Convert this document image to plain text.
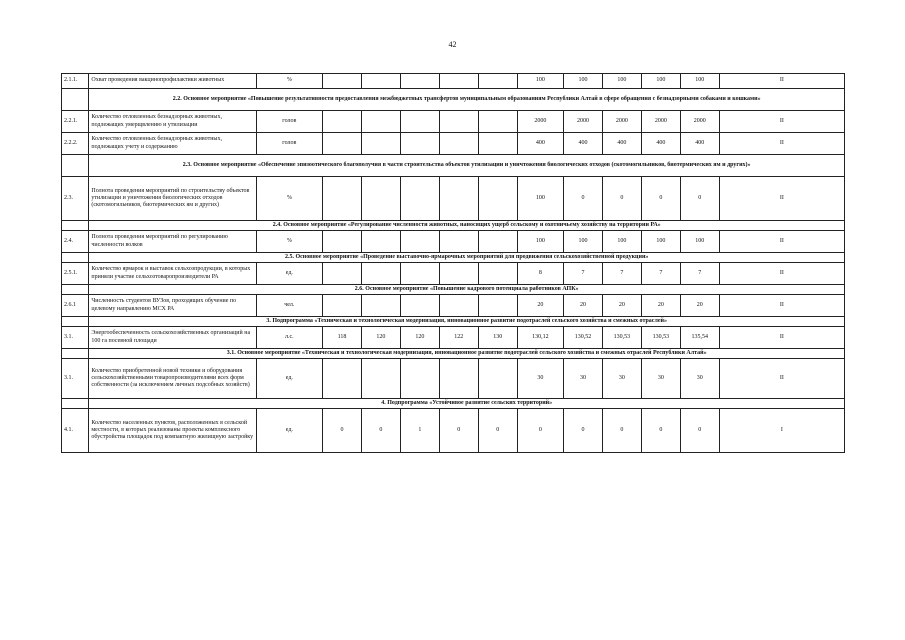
42
2.1.1.	Охват проведения вакцинопрофилактики животных	%						100	100	100	100	100	II
	2.2. Основное мероприятие «Повышение результативности предоставления межбюджетных трансфертов муниципальным образованиям Республики Алтай в сфере обращения с безнадзорными собаками и кошками»												
2.2.1.	Количество отловленных безнадзорных животных, подлежащих умерщвлению и утилизации	голов						2000	2000	2000	2000	2000	II
2.2.2.	Количество отловленных безнадзорных животных, подлежащих учету и содержанию	голов						400	400	400	400	400	II
	2.3. Основное мероприятие «Обеспечение эпизоотического благополучия в части строительства объектов утилизации и уничтожения биологических отходов (скотомогильников, биотермических ям и других)»												
2.3.	Полнота проведения мероприятий по строительству объектов утилизации и уничтожения биологических отходов (скотомогильников, биотермических ям и других)	%						100	0	0	0	0	II
	2.4. Основное мероприятие «Регулирование численности животных, наносящих ущерб сельскому и охотничьему хозяйству на территории РА»												
2.4.	Полнота проведения мероприятий по регулированию численности волков	%						100	100	100	100	100	II
	2.5. Основное мероприятие «Проведение выставочно-ярмарочных мероприятий для продвижения сельскохозяйственной продукции»												
2.5.1.	Количество ярмарок и выставок сельхозпродукции, в которых приняли участие сельхозтоваропроизводители РА	ед.						8	7	7	7	7	II
	2.6. Основное мероприятие «Повышение кадрового потенциала работников АПК»												
2.6.1	Численность студентов ВУЗов, проходящих обучение по целевому направлению МСХ РА	чел.						20	20	20	20	20	II
	3. Подпрограмма «Техническая и технологическая модернизация, инновационное развитие подотраслей сельского хозяйства и смежных отраслей»												
3.1.	Энергообеспеченность сельскохозяйственных организаций на 100 га посевной площади	л.с.	118	120	120	122	130	130,12	130,52	130,53	130,53	135,54	II
	3.1. Основное мероприятие «Техническая и технологическая модернизация, инновационное развитие подотраслей сельского хозяйства и смежных отраслей Республики Алтай»												
3.1.	Количество приобретенной новой техники и оборудования сельскохозяйственными товаропроизводителями всех форм собственности (за исключением личных подсобных хозяйств)	ед.						30	30	30	30	30	II
	4. Подпрограмма «Устойчивое развитие сельских территорий»												
4.1.	Количество населенных пунктов, расположенных в сельской местности, в которых реализованы проекты комплексного обустройства площадок под компактную жилищную застройку	ед.	0	0	1	0	0	0	0	0	0	0	I
